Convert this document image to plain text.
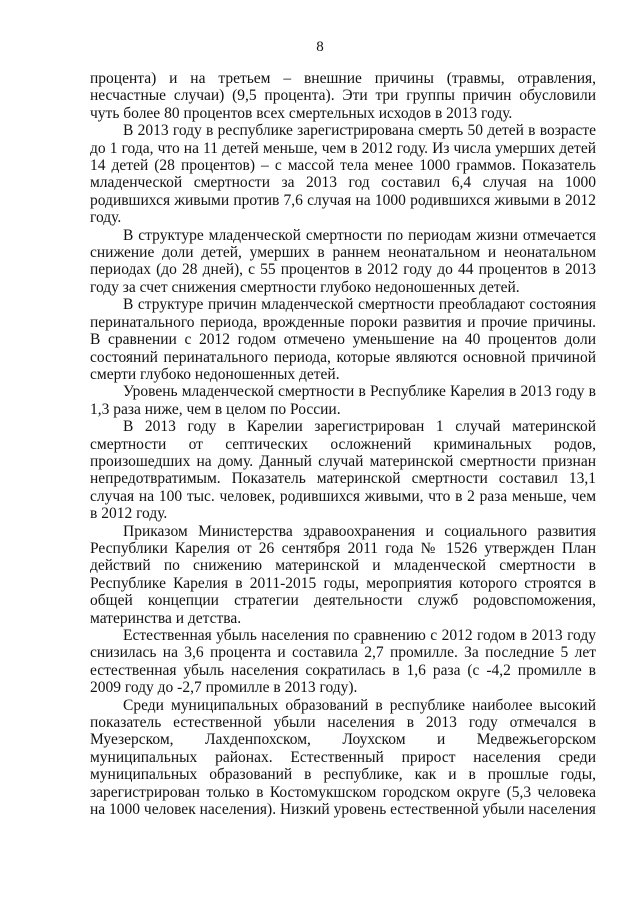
8

процента) и на третьем – внешние причины (травмы, отравления, несчастные случаи) (9,5 процента). Эти три группы причин обусловили чуть более 80 процентов всех смертельных исходов в 2013 году.

В 2013 году в республике зарегистрирована смерть 50 детей в возрасте до 1 года, что на 11 детей меньше, чем в 2012 году. Из числа умерших детей 14 детей (28 процентов) – с массой тела менее 1000 граммов. Показатель младенческой смертности за 2013 год составил 6,4 случая на 1000 родившихся живыми против 7,6 случая на 1000 родившихся живыми в 2012 году.

В структуре младенческой смертности по периодам жизни отмечается снижение доли детей, умерших в раннем неонатальном и неонатальном периодах (до 28 дней), с 55 процентов в 2012 году до 44 процентов в 2013 году за счет снижения смертности глубоко недоношенных детей.

В структуре причин младенческой смертности преобладают состояния перинатального периода, врожденные пороки развития и прочие причины. В сравнении с 2012 годом отмечено уменьшение на 40 процентов доли состояний перинатального периода, которые являются основной причиной смерти глубоко недоношенных детей.

Уровень младенческой смертности в Республике Карелия в 2013 году в 1,3 раза ниже, чем в целом по России.

В 2013 году в Карелии зарегистрирован 1 случай материнской смертности от септических осложнений криминальных родов, произошедших на дому. Данный случай материнской смертности признан непредотвратимым. Показатель материнской смертности составил 13,1 случая на 100 тыс. человек, родившихся живыми, что в 2 раза меньше, чем в 2012 году.

Приказом Министерства здравоохранения и социального развития Республики Карелия от 26 сентября 2011 года № 1526 утвержден План действий по снижению материнской и младенческой смертности в Республике Карелия в 2011-2015 годы, мероприятия которого строятся в общей концепции стратегии деятельности служб родовспоможения, материнства и детства.

Естественная убыль населения по сравнению с 2012 годом в 2013 году снизилась на 3,6 процента и составила 2,7 промилле. За последние 5 лет естественная убыль населения сократилась в 1,6 раза (с -4,2 промилле в 2009 году до -2,7 промилле в 2013 году).

Среди муниципальных образований в республике наиболее высокий показатель естественной убыли населения в 2013 году отмечался в Муезерском, Лахденпохском, Лоухском и Медвежьегорском муниципальных районах. Естественный прирост населения среди муниципальных образований в республике, как и в прошлые годы, зарегистрирован только в Костомукшском городском округе (5,3 человека на 1000 человек населения). Низкий уровень естественной убыли населения
